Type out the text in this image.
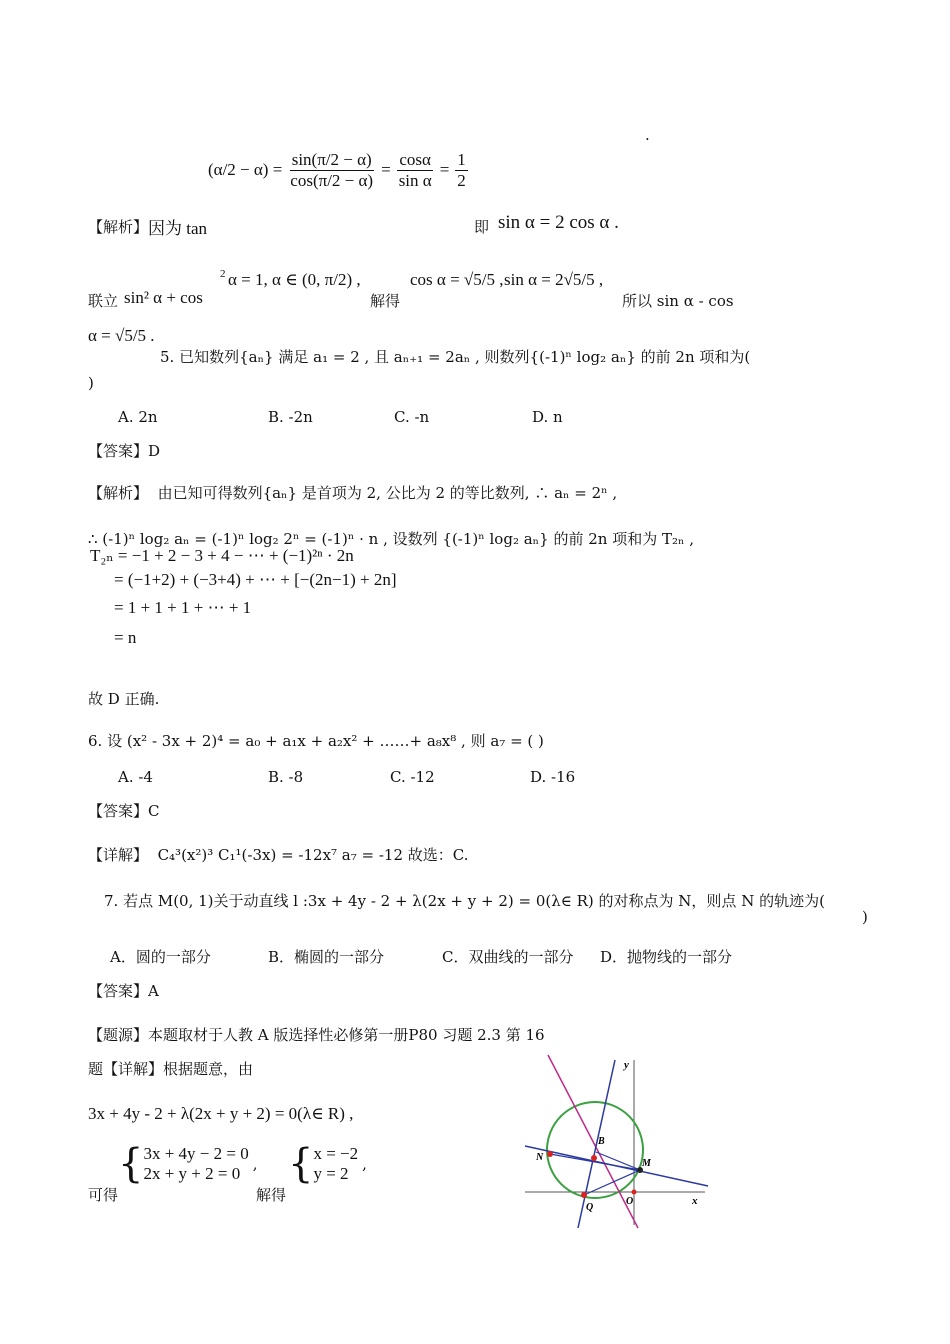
.
$(\alpha/2 - \alpha) = \frac{\sin(\pi/2 - \alpha)}{\cos(\pi/2 - \alpha)} = \frac{\cos\alpha}{\text{sin α}} = \frac{1}{2}$
【解析】 因为 tan	即 sin α = 2 cos α .
联立 sin² α + cos
2 α = 1, α ∈ (0, π/2) ,
解得
cos α = √5/5 , sin α = 2√5/5 ,
所以 sin α - cos
α = √5/5 .
5. 已知数列{aₙ} 满足 a₁ = 2 , 且 aₙ₊₁ = 2aₙ , 则数列{(-1)ⁿ log₂ aₙ} 的前 2n 项和为(
)
A. 2n	B. -2n	C. -n	D. n
【答案】D
【解析】 由已知可得数列{aₙ} 是首项为 2, 公比为 2 的等比数列, ∴ aₙ = 2ⁿ ,
∴ (-1)ⁿ log₂ aₙ = (-1)ⁿ log₂ 2ⁿ = (-1)ⁿ · n , 设数列 {(-1)ⁿ log₂ aₙ} 的前 2n 项和为 T₂ₙ ,
T₂ₙ = −1 + 2 − 3 + 4 − ⋯ + (−1)²ⁿ · 2n
= (−1+2) + (−3+4) + ⋯ + [−(2n−1) + 2n]
= 1 + 1 + 1 + ⋯ + 1
= n
故 D 正确.
6. 设 (x² - 3x + 2)⁴ = a₀ + a₁x + a₂x² + ……+ a₈x⁸ , 则 a₇ = ( )
A. -4	B. -8	C. -12	D. -16
【答案】C
【详解】 C₄³(x²)³ C₁¹(-3x) = -12x⁷ a₇ = -12 故选：C.
7. 若点 M(0, 1)关于动直线 l :3x + 4y - 2 + λ(2x + y + 2) = 0(λ∈ R) 的对称点为 N，则点 N 的轨迹为(
)
A．圆的一部分	B．椭圆的一部分	C．双曲线的一部分 D．抛物线的一部分
【答案】A
【题源】本题取材于人教 A 版选择性必修第一册P80 习题 2.3 第 16
题【详解】根据题意，由
3x + 4y - 2 + λ(2x + y + 2) = 0(λ∈ R) ,
可得
{ 3x + 4y − 2 = 0
2x + y + 2 = 0 ,
解得
{ x = −2
y = 2 ,
y
x
B
N
M
O
Q
